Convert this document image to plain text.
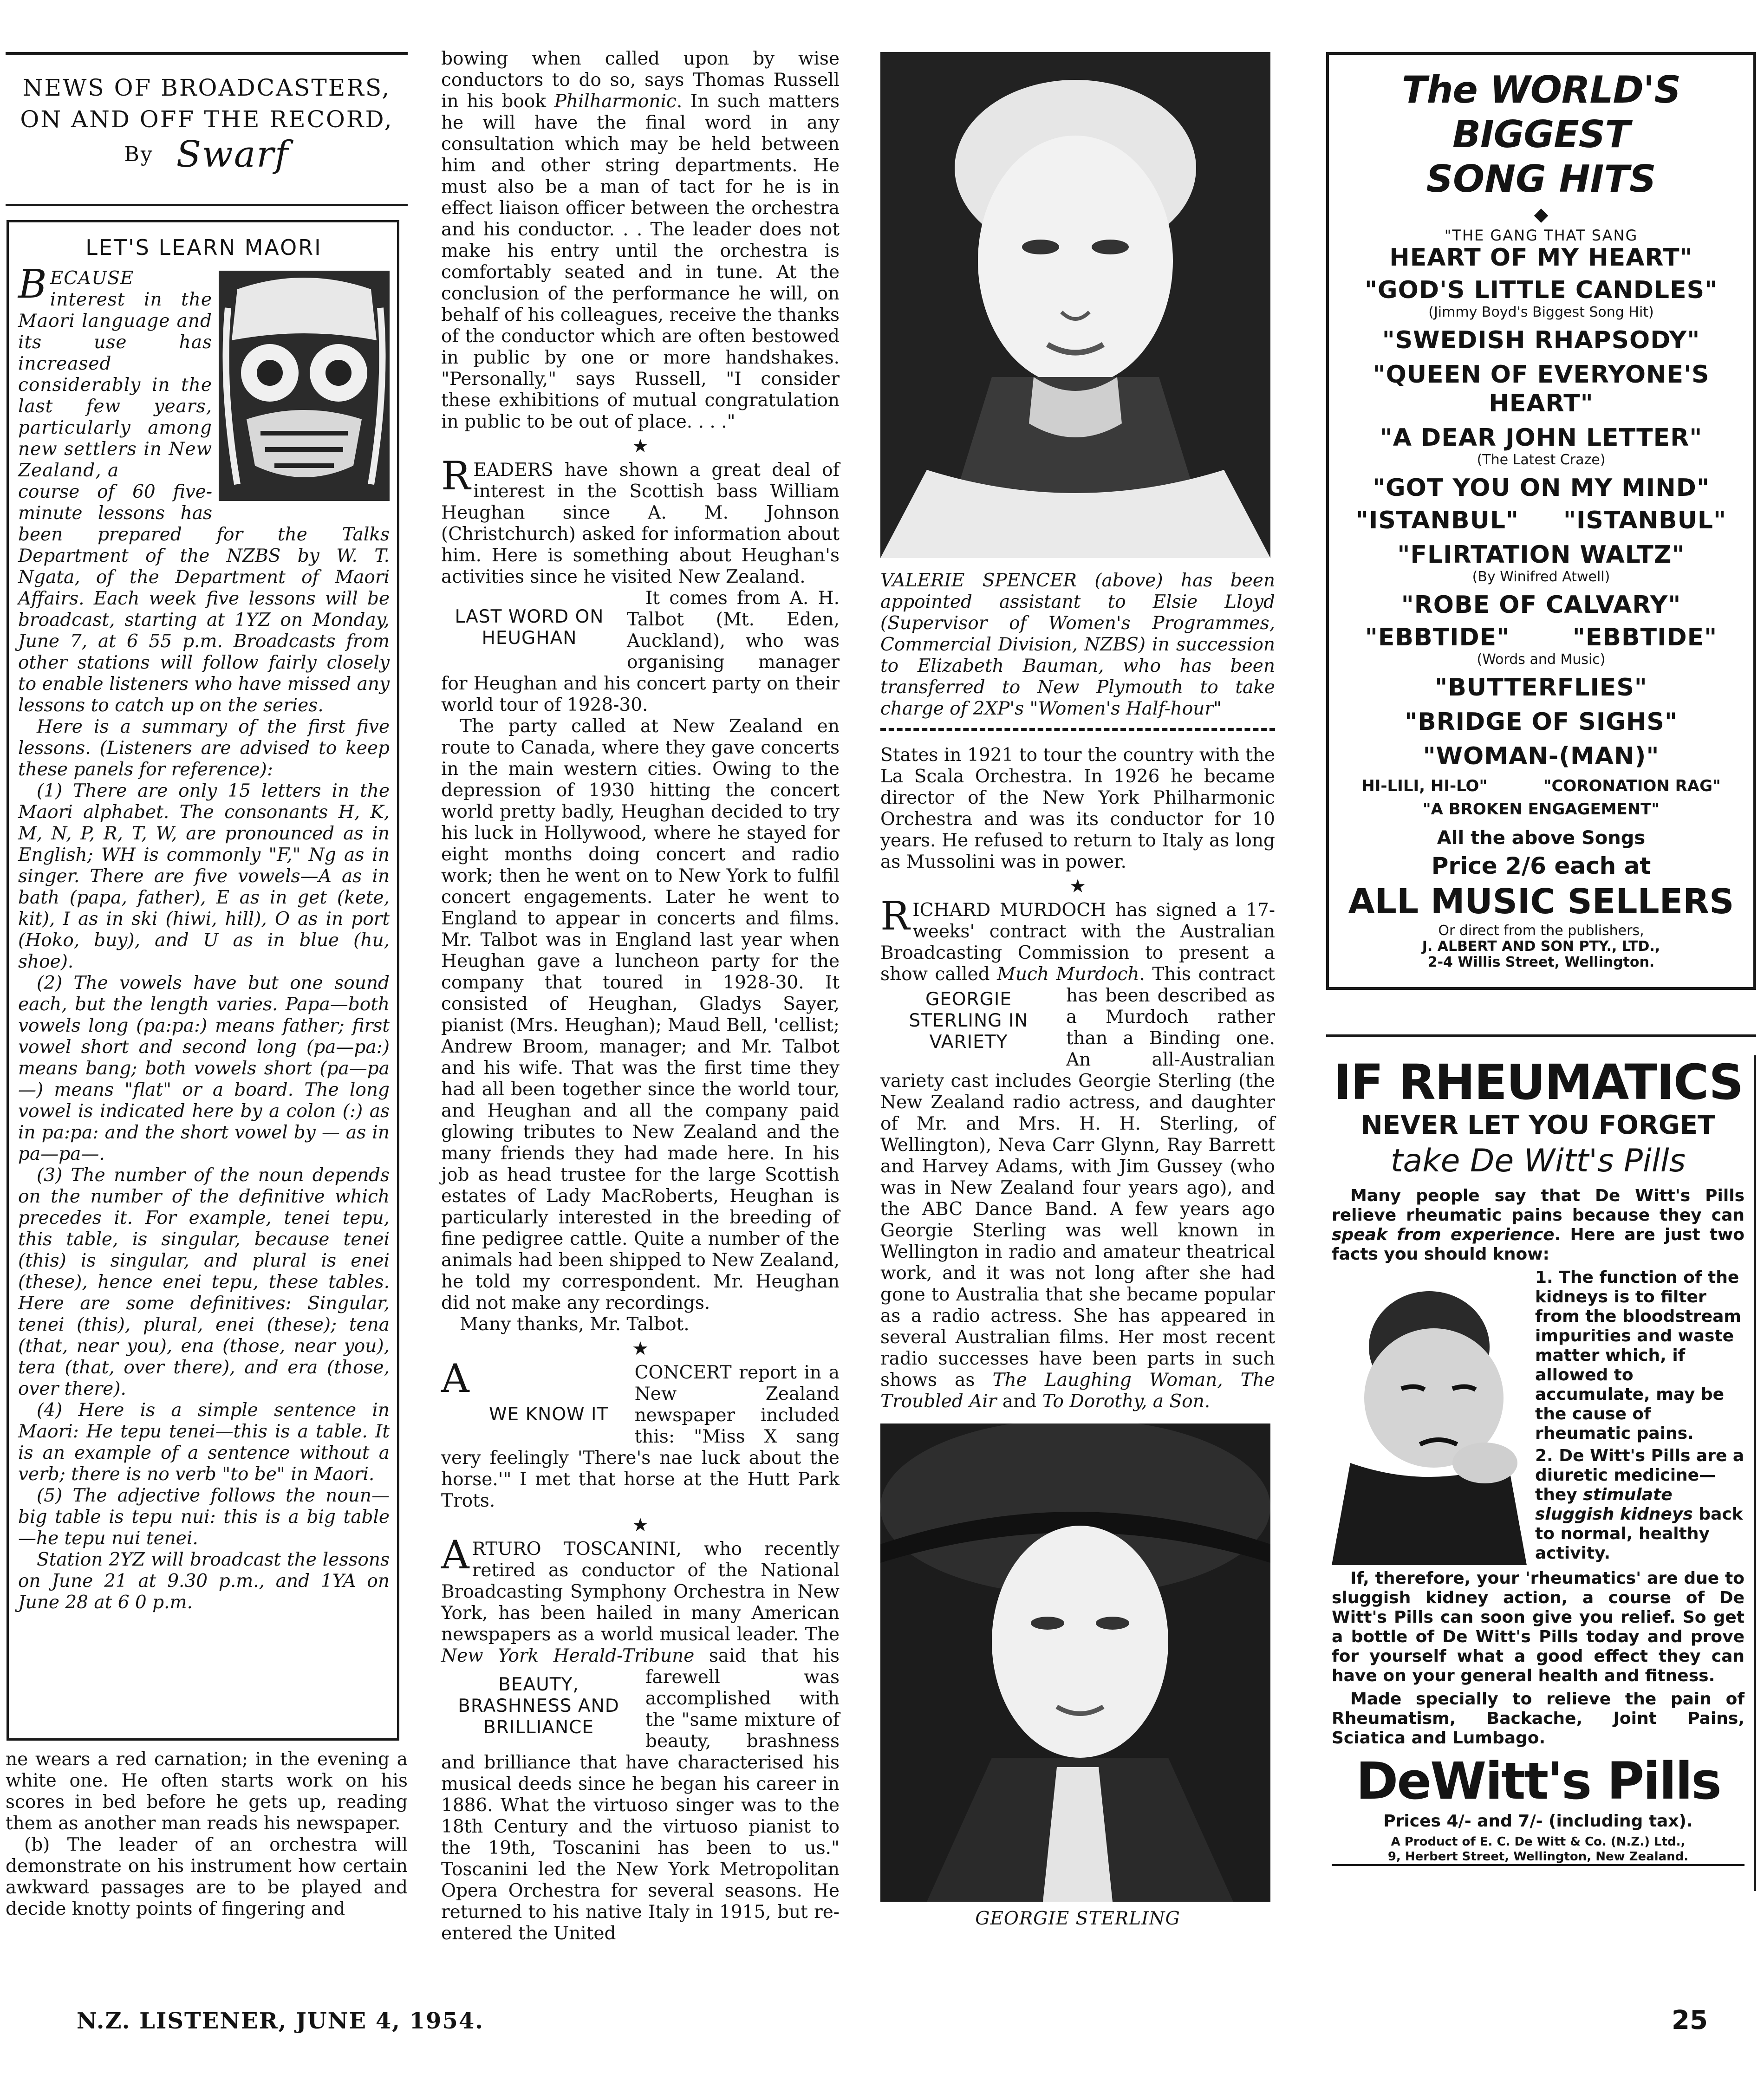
NEWS OF BROADCASTERS,
ON AND OFF THE RECORD,
By Swarf
LET'S LEARN MAORI
BECAUSE interest in the Maori language and its use has increased considerably in the last few years, particularly among new settlers in New Zealand, a

course of 60 five-minute lessons has been prepared for the Talks Department of the NZBS by W. T. Ngata, of the Department of Maori Affairs. Each week five lessons will be broadcast, starting at 1YZ on Monday, June 7, at 6 55 p.m. Broadcasts from other stations will follow fairly closely to enable listeners who have missed any lessons to catch up on the series.

Here is a summary of the first five lessons. (Listeners are advised to keep these panels for reference):

(1) There are only 15 letters in the Maori alphabet. The consonants H, K, M, N, P, R, T, W, are pronounced as in English; WH is commonly "F," Ng as in singer. There are five vowels—A as in bath (papa, father), E as in get (kete, kit), I as in ski (hiwi, hill), O as in port (Hoko, buy), and U as in blue (hu, shoe).

(2) The vowels have but one sound each, but the length varies. Papa—both vowels long (pa:pa:) means father; first vowel short and second long (pa—pa:) means bang; both vowels short (pa—pa—) means "flat" or a board. The long vowel is indicated here by a colon (:) as in pa:pa: and the short vowel by — as in pa—pa—.

(3) The number of the noun depends on the number of the definitive which precedes it. For example, tenei tepu, this table, is singular, because tenei (this) is singular, and plural is enei (these), hence enei tepu, these tables. Here are some definitives: Singular, tenei (this), plural, enei (these); tena (that, near you), ena (those, near you), tera (that, over there), and era (those, over there).

(4) Here is a simple sentence in Maori: He tepu tenei—this is a table. It is an example of a sentence without a verb; there is no verb "to be" in Maori.

(5) The adjective follows the noun—big table is tepu nui: this is a big table—he tepu nui tenei.

Station 2YZ will broadcast the lessons on June 21 at 9.30 p.m., and 1YA on June 28 at 6 0 p.m.

ne wears a red carnation; in the evening a white one. He often starts work on his scores in bed before he gets up, reading them as another man reads his newspaper.

(b) The leader of an orchestra will demonstrate on his instrument how certain awkward passages are to be played and decide knotty points of fingering and

bowing when called upon by wise conductors to do so, says Thomas Russell in his book Philharmonic. In such matters he will have the final word in any consultation which may be held between him and other string departments. He must also be a man of tact for he is in effect liaison officer between the orchestra and his conductor. . . The leader does not make his entry until the orchestra is comfortably seated and in tune. At the conclusion of the performance he will, on behalf of his colleagues, receive the thanks of the conductor which are often bestowed in public by one or more handshakes. "Personally," says Russell, "I consider these exhibitions of mutual congratulation in public to be out of place. . . ."

★

READERS have shown a great deal of interest in the Scottish bass William Heughan since A. M. Johnson (Christchurch) asked for information about him. Here is something about Heughan's activities since he visited New Zealand.

LAST WORD ON HEUGHAN

It comes from A. H. Talbot (Mt. Eden, Auckland), who was organising manager for Heughan and his concert party on their world tour of 1928-30.

The party called at New Zealand en route to Canada, where they gave concerts in the main western cities. Owing to the depression of 1930 hitting the concert world pretty badly, Heughan decided to try his luck in Hollywood, where he stayed for eight months doing concert and radio work; then he went on to New York to fulfil concert engagements. Later he went to England to appear in concerts and films. Mr. Talbot was in England last year when Heughan gave a luncheon party for the company that toured in 1928-30. It consisted of Heughan, Gladys Sayer, pianist (Mrs. Heughan); Maud Bell, 'cellist; Andrew Broom, manager; and Mr. Talbot and his wife. That was the first time they had all been together since the world tour, and Heughan and all the company paid glowing tributes to New Zealand and the many friends they had made here. In his job as head trustee for the large Scottish estates of Lady MacRoberts, Heughan is particularly interested in the breeding of fine pedigree cattle. Quite a number of the animals had been shipped to New Zealand, he told my correspondent. Mr. Heughan did not make any recordings.

Many thanks, Mr. Talbot.

★

A
WE KNOW IT
CONCERT report in a New Zealand newspaper included this: "Miss X sang very feelingly 'There's nae luck about the horse.'" I met that horse at the Hutt Park Trots.

★

ARTURO TOSCANINI, who recently retired as conductor of the National Broadcasting Symphony Orchestra in New York, has been hailed in many American newspapers as a world musical leader. The New York Herald-Tribune
BEAUTY, BRASHNESS AND BRILLIANCE
said that his farewell was accomplished with the "same mixture of beauty, brashness and brilliance that have characterised his musical deeds since he began his career in 1886. What the virtuoso singer was to the 18th Century and the virtuoso pianist to the 19th, Toscanini has been to us." Toscanini led the New York Metropolitan Opera Orchestra for several seasons. He returned to his native Italy in 1915, but re-entered the United

VALERIE SPENCER (above) has been appointed assistant to Elsie Lloyd (Supervisor of Women's Programmes, Commercial Division, NZBS) in succession to Elizabeth Bauman, who has been transferred to New Plymouth to take charge of 2XP's "Women's Half-hour"

States in 1921 to tour the country with the La Scala Orchestra. In 1926 he became director of the New York Philharmonic Orchestra and was its conductor for 10 years. He refused to return to Italy as long as Mussolini was in power.

★

RICHARD MURDOCH has signed a 17-weeks' contract with the Australian Broadcasting Commission to present a show called Much Murdoch
GEORGIE STERLING IN VARIETY
. This contract has been described as a Murdoch rather than a Binding one. An all-Australian variety cast includes Georgie Sterling (the New Zealand radio actress, and daughter of Mr. and Mrs. H. H. Sterling, of Wellington), Neva Carr Glynn, Ray Barrett and Harvey Adams, with Jim Gussey (who was in New Zealand four years ago), and the ABC Dance Band. A few years ago Georgie Sterling was well known in Wellington in radio and amateur theatrical work, and it was not long after she had gone to Australia that she became popular as a radio actress. She has appeared in several Australian films. Her most recent radio successes have been parts in such shows as The Laughing Woman, The Troubled Air and To Dorothy, a Son.

GEORGIE STERLING
The WORLD'S BIGGEST
SONG HITS
◆
"THE GANG THAT SANG
HEART OF MY HEART"
"GOD'S LITTLE CANDLES"
(Jimmy Boyd's Biggest Song Hit)
"SWEDISH RHAPSODY"
"QUEEN OF EVERYONE'S
HEART"
"A DEAR JOHN LETTER"
(The Latest Craze)
"GOT YOU ON MY MIND"
"ISTANBUL" "ISTANBUL"
"FLIRTATION WALTZ"
(By Winifred Atwell)
"ROBE OF CALVARY"
"EBBTIDE"	"EBBTIDE"
(Words and Music)
"BUTTERFLIES"
"BRIDGE OF SIGHS"
"WOMAN-(MAN)"
HI-LILI, HI-LO"	"CORONATION RAG"
"A BROKEN ENGAGEMENT"
All the above Songs
Price 2/6 each at
ALL MUSIC SELLERS
Or direct from the publishers,
J. ALBERT AND SON PTY., LTD.,
2-4 Willis Street, Wellington.
IF RHEUMATICS
NEVER LET YOU FORGET
take De Witt's Pills

Many people say that De Witt's Pills relieve rheumatic pains because they can speak from experience. Here are just two facts you should know:

1. The function of the kidneys is to filter from the bloodstream impurities and waste matter which, if allowed to accumulate, may be the cause of rheumatic pains.

2. De Witt's Pills are a diuretic medicine—they stimulate sluggish kidneys back to normal, healthy activity.

If, therefore, your 'rheumatics' are due to sluggish kidney action, a course of De Witt's Pills can soon give you relief. So get a bottle of De Witt's Pills today and prove for yourself what a good effect they can have on your general health and fitness.

Made specially to relieve the pain of Rheumatism, Backache, Joint Pains, Sciatica and Lumbago.

DeWitt's Pills
Prices 4/- and 7/- (including tax).
A Product of E. C. De Witt & Co. (N.Z.) Ltd.,
9, Herbert Street, Wellington, New Zealand.
N.Z. LISTENER, JUNE 4, 1954.	25
